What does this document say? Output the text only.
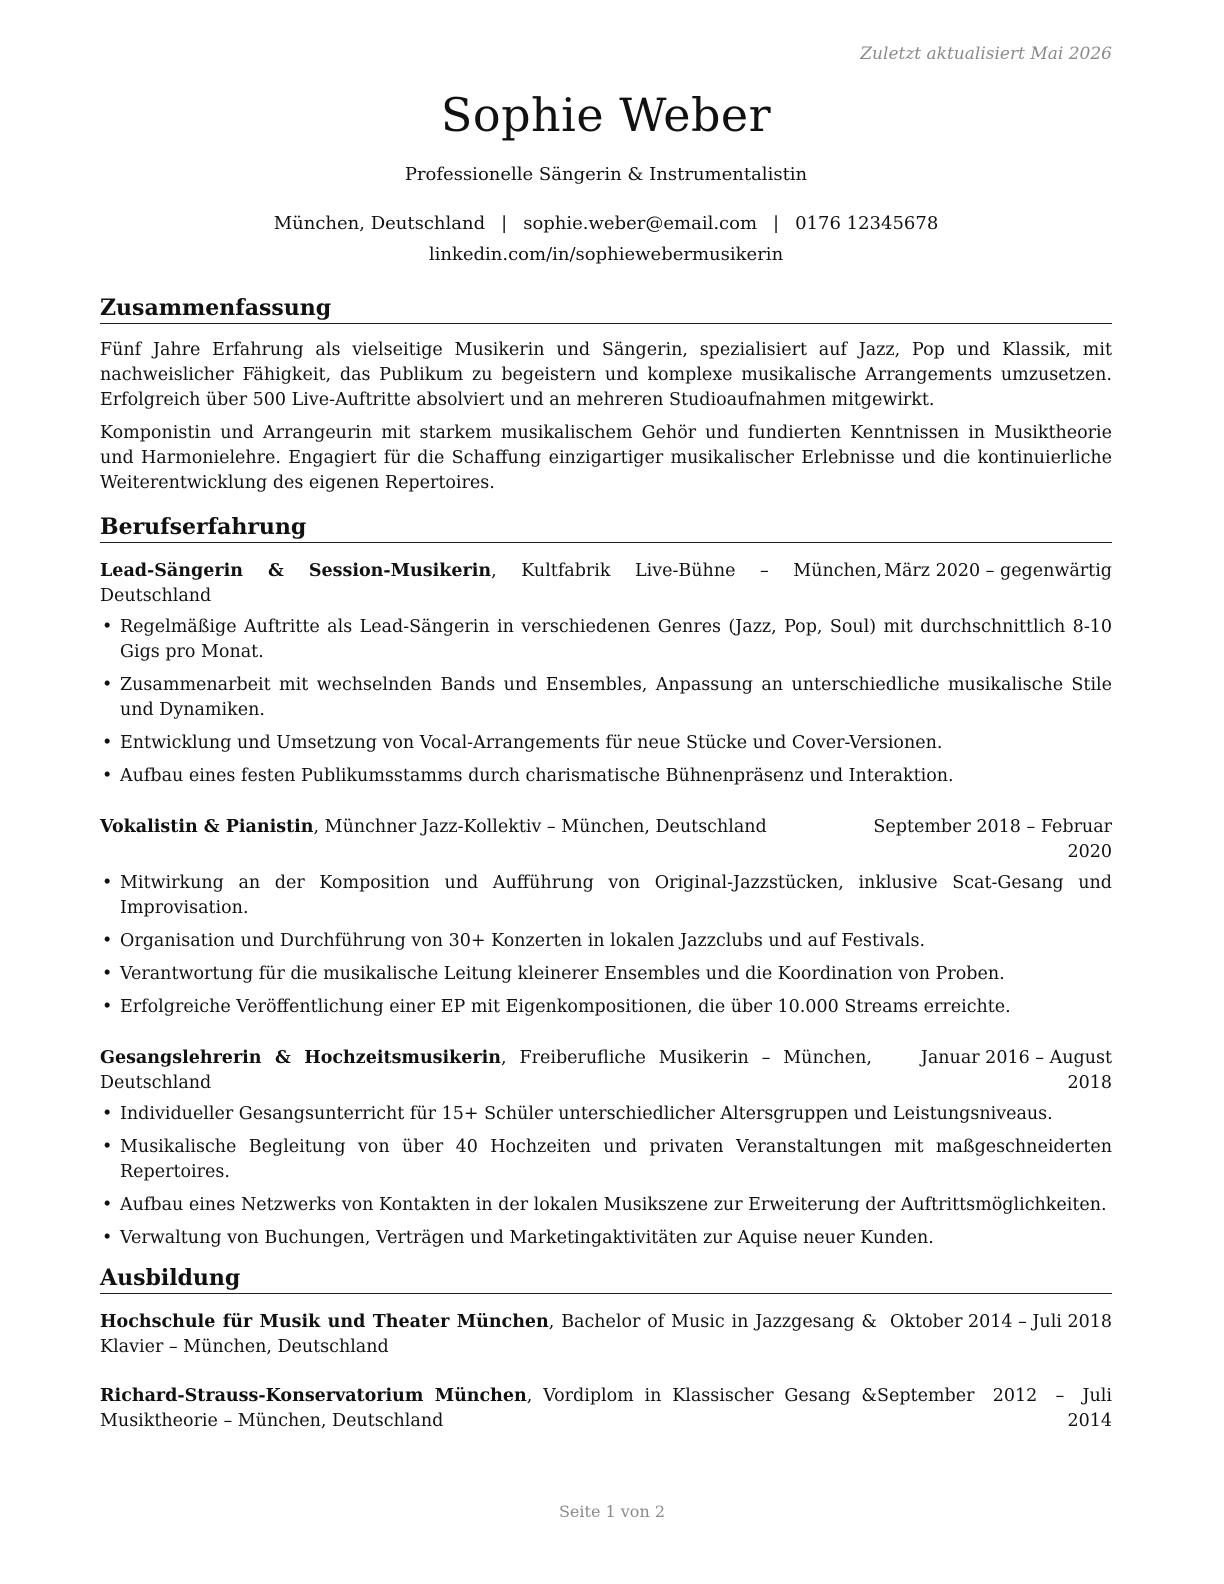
Zuletzt aktualisiert Mai 2026
Sophie Weber
Professionelle Sängerin & Instrumentalistin
München, Deutschland | sophie.weber@email.com | 0176 12345678
linkedin.com/in/sophiewebermusikerin
Zusammenfassung

Fünf Jahre Erfahrung als vielseitige Musikerin und Sängerin, spezialisiert auf Jazz, Pop und Klassik, mit nachweislicher Fähigkeit, das Publikum zu begeistern und komplexe musikalische Arrangements umzusetzen. Erfolgreich über 500 Live-Auftritte absolviert und an mehreren Studioaufnahmen mitgewirkt.

Komponistin und Arrangeurin mit starkem musikalischem Gehör und fundierten Kenntnissen in Musiktheorie und Harmonielehre. Engagiert für die Schaffung einzigartiger musikalischer Erlebnisse und die kontinuierliche Weiterentwicklung des eigenen Repertoires.

Berufserfahrung
Lead-Sängerin & Session-Musikerin, Kultfabrik Live-Bühne – München, Deutschland
März 2020 – gegenwärtig
• Regelmäßige Auftritte als Lead-Sängerin in verschiedenen Genres (Jazz, Pop, Soul) mit durchschnittlich 8-10 Gigs pro Monat.
• Zusammenarbeit mit wechselnden Bands und Ensembles, Anpassung an unterschiedliche musikalische Stile und Dynamiken.
• Entwicklung und Umsetzung von Vocal-Arrangements für neue Stücke und Cover-Versionen.
• Aufbau eines festen Publikumsstamms durch charismatische Bühnenpräsenz und Interaktion.
Vokalistin & Pianistin, Münchner Jazz-Kollektiv – München, Deutschland	September 2018 – Februar 2020
• Mitwirkung an der Komposition und Aufführung von Original-Jazzstücken, inklusive Scat-Gesang und Improvisation.
• Organisation und Durchführung von 30+ Konzerten in lokalen Jazzclubs und auf Festivals.
• Verantwortung für die musikalische Leitung kleinerer Ensembles und die Koordination von Proben.
• Erfolgreiche Veröffentlichung einer EP mit Eigenkompositionen, die über 10.000 Streams erreichte.
Gesangslehrerin & Hochzeitsmusikerin, Freiberufliche Musikerin – München, Deutschland
Januar 2016 – August 2018
• Individueller Gesangsunterricht für 15+ Schüler unterschiedlicher Altersgruppen und Leistungsniveaus.
• Musikalische Begleitung von über 40 Hochzeiten und privaten Veranstaltungen mit maßgeschneiderten Repertoires.
• Aufbau eines Netzwerks von Kontakten in der lokalen Musikszene zur Erweiterung der Auftrittsmöglichkeiten.
• Verwaltung von Buchungen, Verträgen und Marketingaktivitäten zur Aquise neuer Kunden.
Ausbildung
Hochschule für Musik und Theater München, Bachelor of Music in Jazzgesang & Klavier – München, Deutschland
Oktober 2014 – Juli 2018
Richard-Strauss-Konservatorium München, Vordiplom in Klassischer Gesang & Musiktheorie – München, Deutschland
September 2012 – Juli 2014
Seite 1 von 2
